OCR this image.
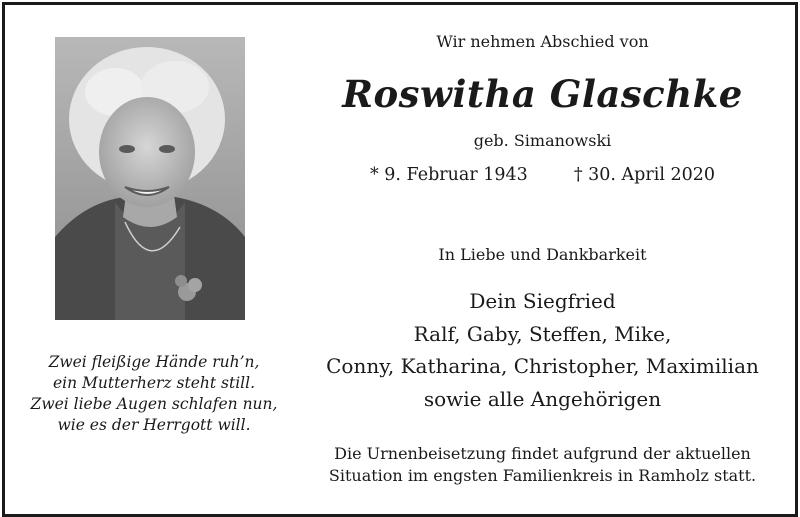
Zwei fleißige Hände ruh’n,
ein Mutterherz steht still.
Zwei liebe Augen schlafen nun,
wie es der Herrgott will.
Wir nehmen Abschied von
Roswitha Glaschke
geb. Simanowski
* 9. Februar 1943	† 30. April 2020
In Liebe und Dankbarkeit
Dein Siegfried
Ralf, Gaby, Steffen, Mike,
Conny, Katharina, Christopher, Maximilian
sowie alle Angehörigen
Die Urnenbeisetzung findet aufgrund der aktuellen
Situation im engsten Familienkreis in Ramholz statt.
